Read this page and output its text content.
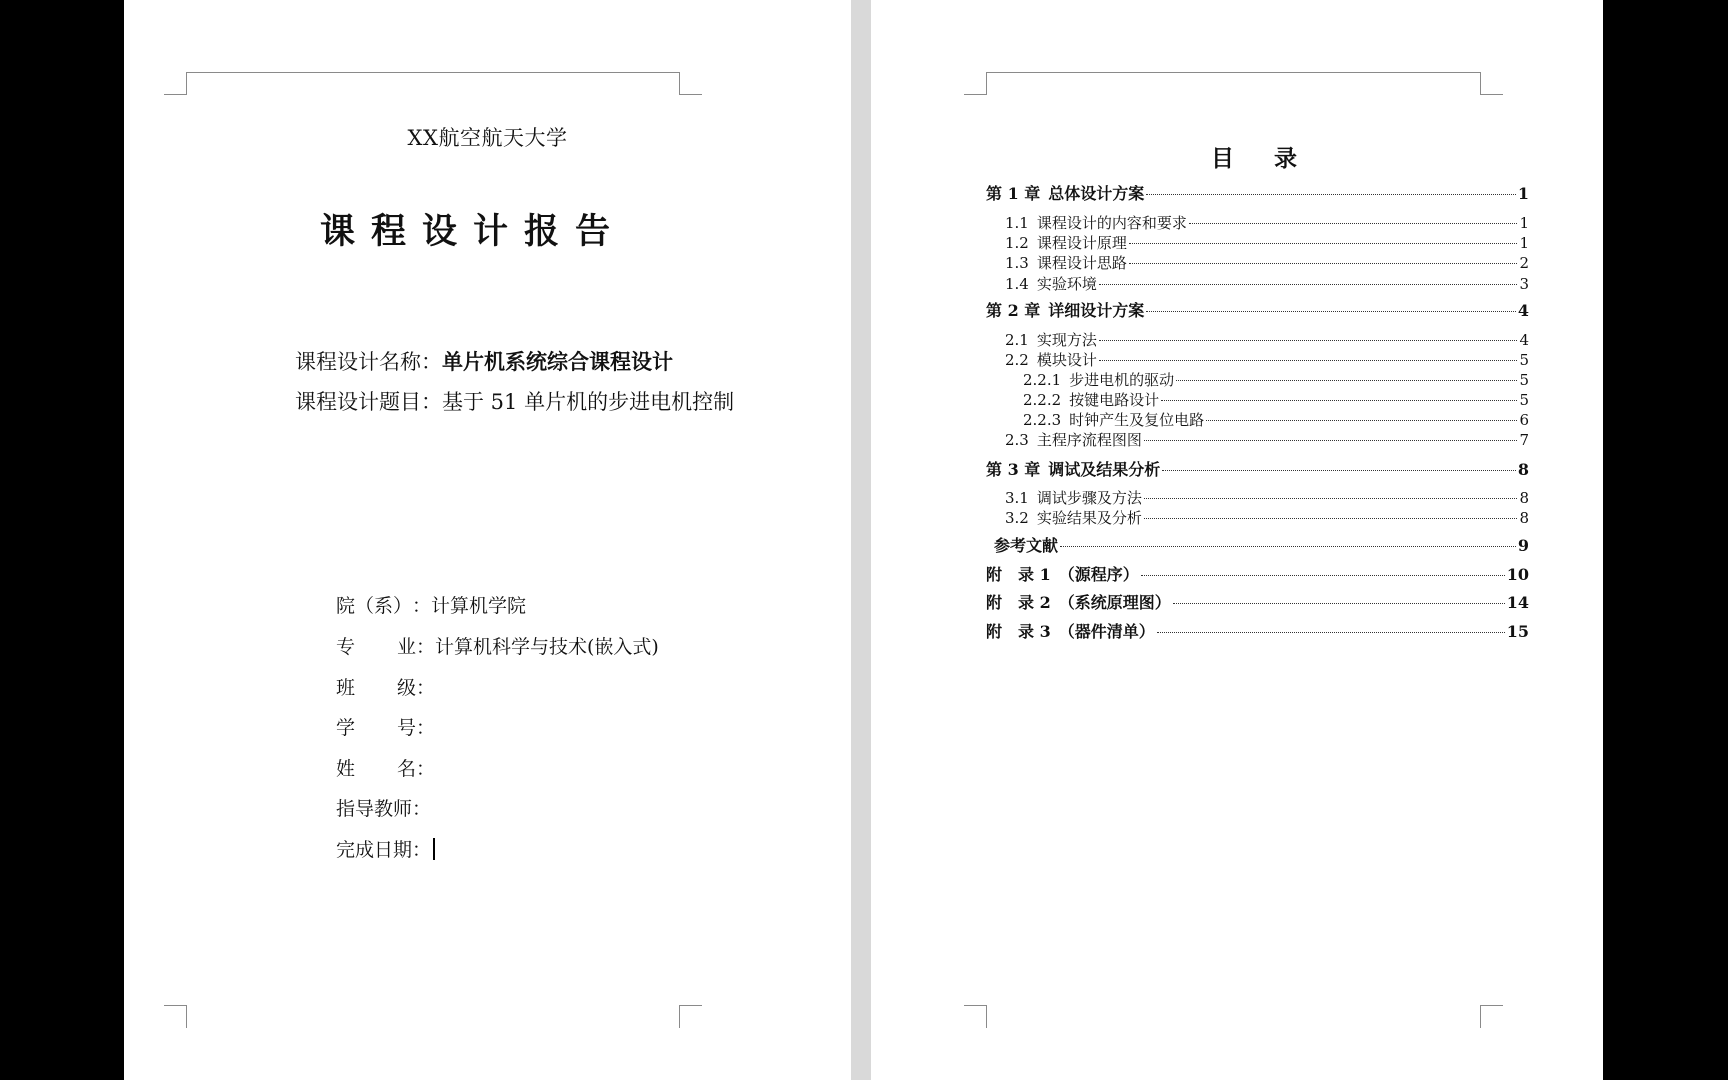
XX航空航天大学
课程设计报告
课程设计名称：单片机系统综合课程设计
课程设计题目：基于 51 单片机的步进电机控制
院（系）：计算机学院
专业：计算机科学与技术(嵌入式)
班级：
学号：
姓名：
指导教师：
完成日期：
目录
第 1 章 总体设计方案	1
1.1 课程设计的内容和要求	1
1.2 课程设计原理	1
1.3 课程设计思路	2
1.4 实验环境	3
第 2 章 详细设计方案	4
2.1 实现方法	4
2.2 模块设计	5
2.2.1 步进电机的驱动	5
2.2.2 按键电路设计	5
2.2.3 时钟产生及复位电路	6
2.3 主程序流程图图	7
第 3 章 调试及结果分析	8
3.1 调试步骤及方法	8
3.2 实验结果及分析	8
参考文献	9
附　录 1 （源程序）	10
附　录 2 （系统原理图）	14
附　录 3 （器件清单）	15
